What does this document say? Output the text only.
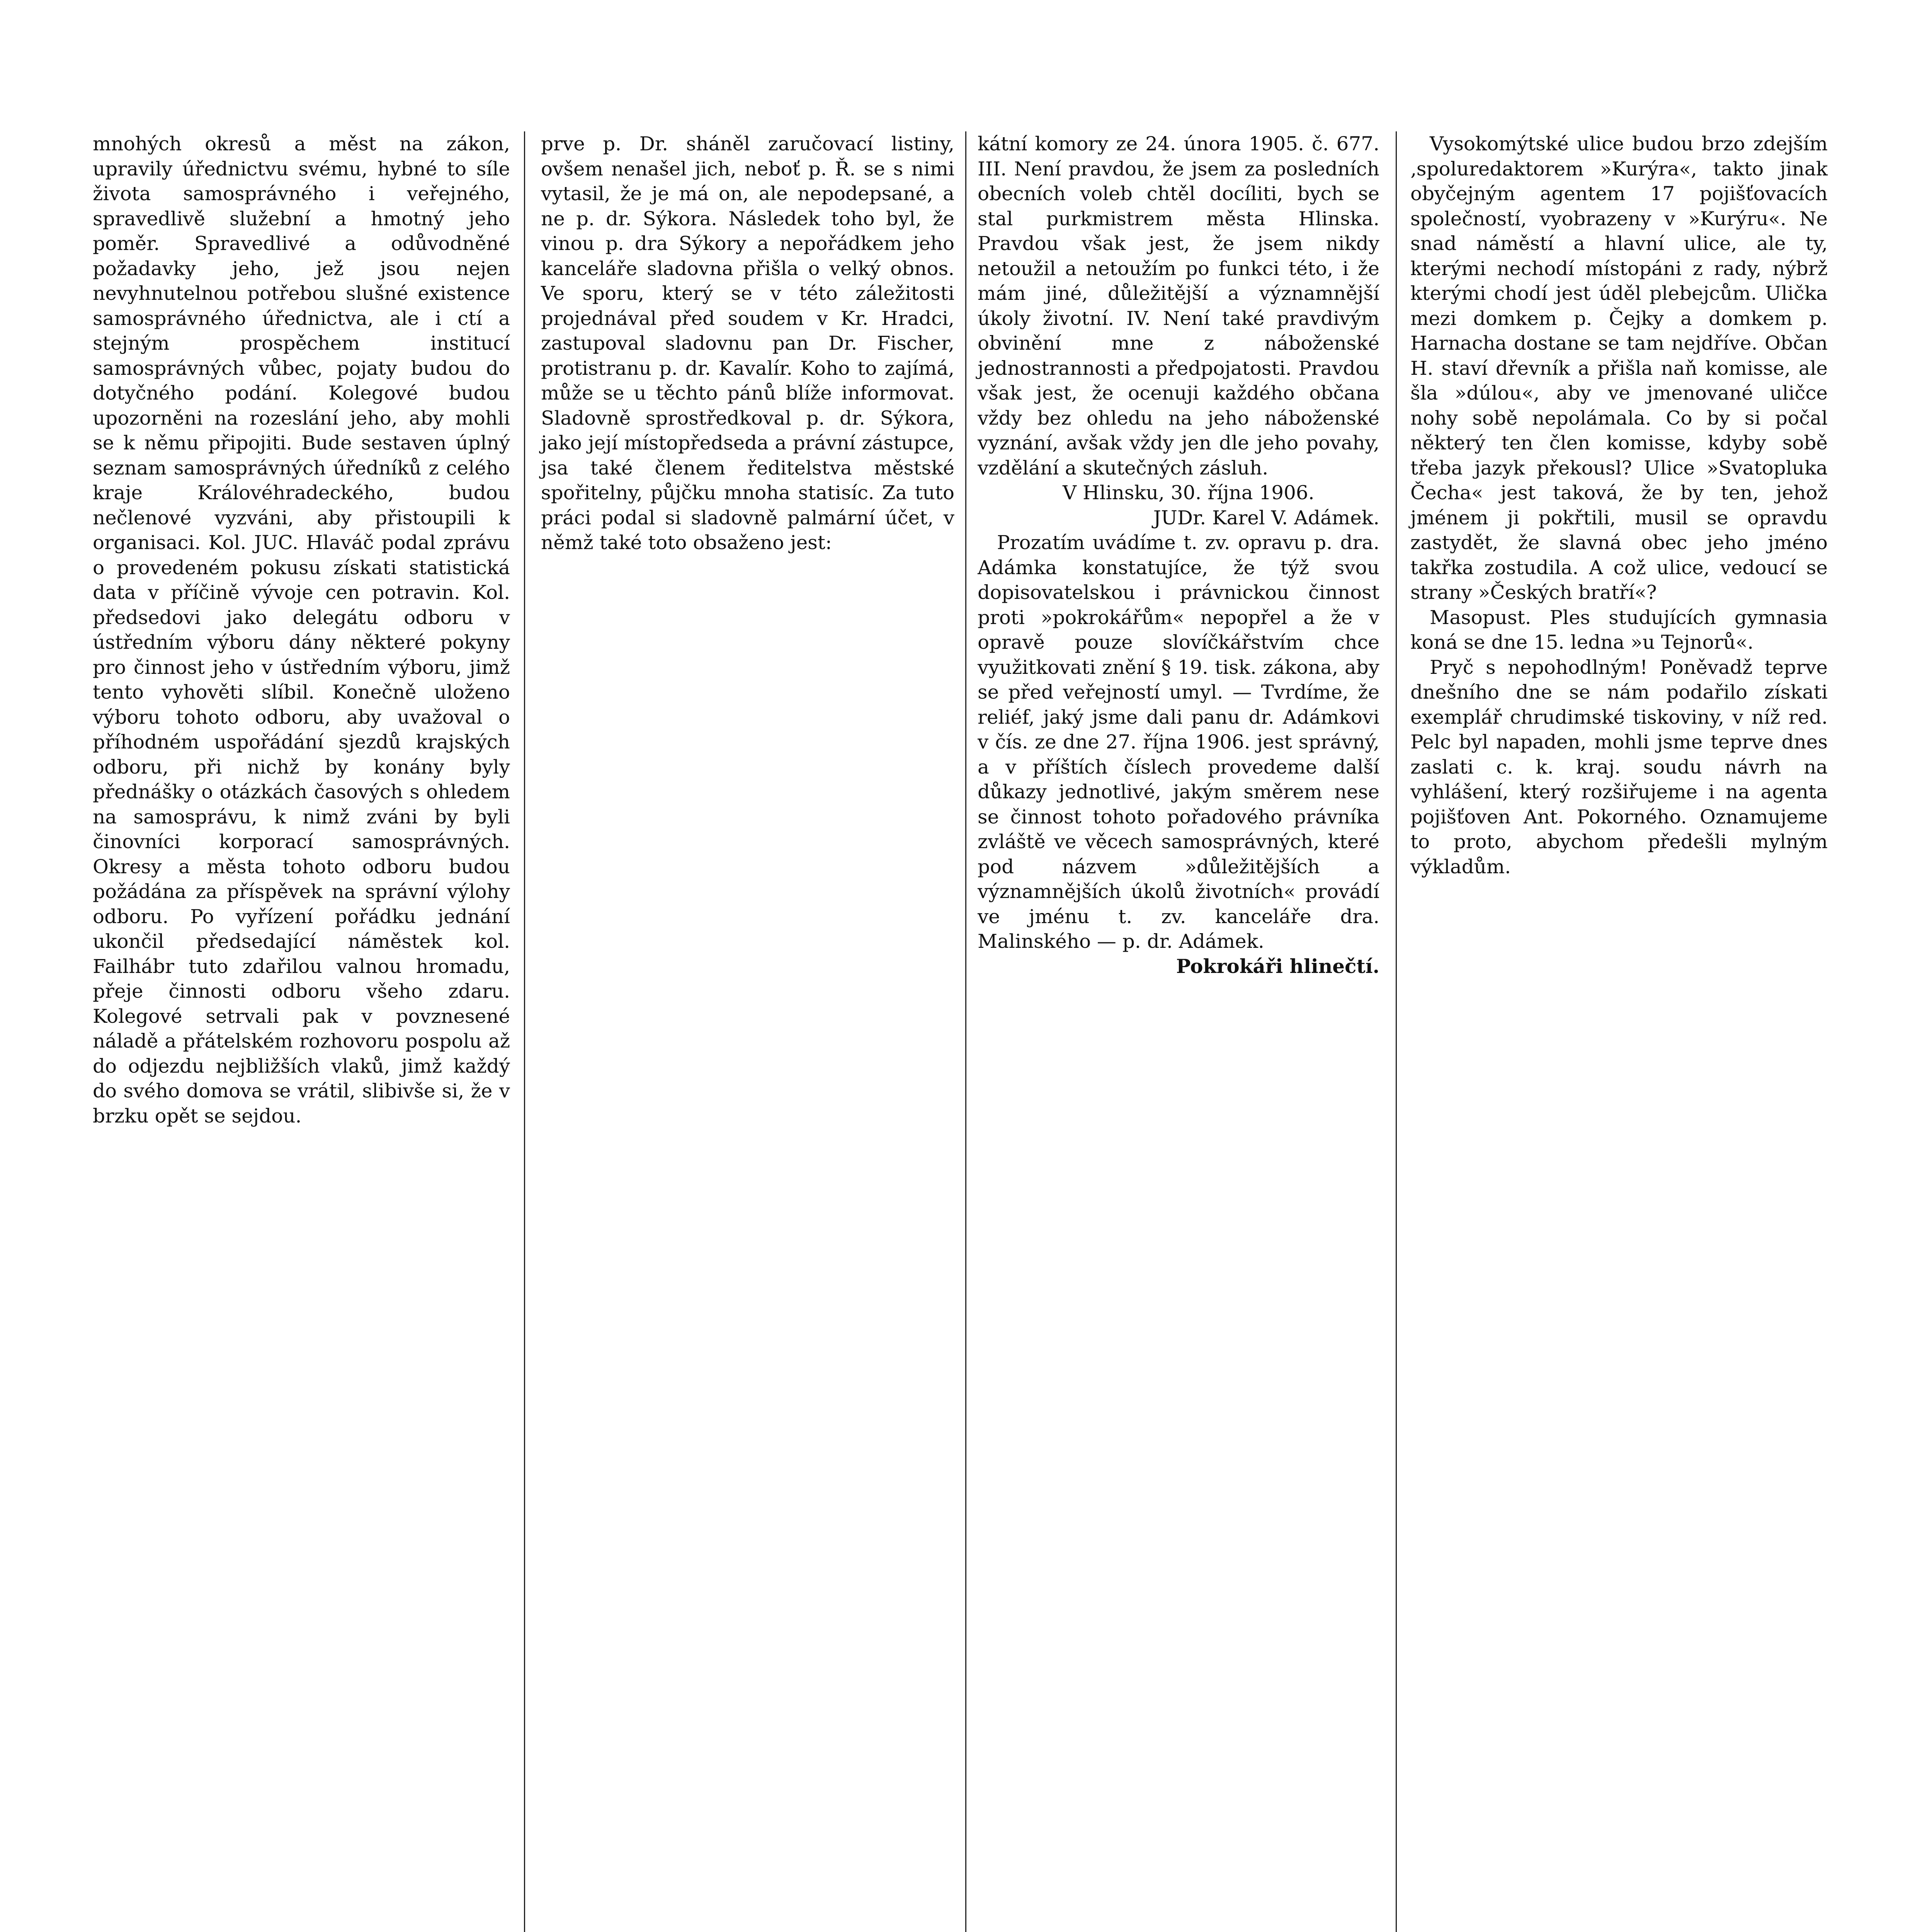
mnohých okresů a měst na zákon, upravily úřednictvu svému, hybné to síle života samosprávného i veřejného, spravedlivě služební a hmotný jeho poměr. Spravedlivé a odůvodněné požadavky jeho, jež jsou nejen nevyhnutelnou potřebou slušné existence samosprávného úřednictva, ale i ctí a stejným prospěchem institucí samosprávných vůbec, pojaty budou do dotyčného podání. Kolegové budou upozorněni na rozeslání jeho, aby mohli se k němu připojiti. Bude sestaven úplný seznam samosprávných úředníků z celého kraje Královéhradeckého, budou nečlenové vyzváni, aby přistoupili k organisaci. Kol. JUC. Hlaváč podal zprávu o provedeném pokusu získati statistická data v příčině vývoje cen potravin. Kol. předsedovi jako delegátu odboru v ústředním výboru dány některé pokyny pro činnost jeho v ústředním výboru, jimž tento vyhověti slíbil. Konečně uloženo výboru tohoto odboru, aby uvažoval o příhodném uspořádání sjezdů krajských odboru, při nichž by konány byly přednášky o otázkách časových s ohledem na samosprávu, k nimž zváni by byli činovníci korporací samosprávných. Okresy a města tohoto odboru budou požádána za příspěvek na správní výlohy odboru. Po vyřízení pořádku jednání ukončil předsedající náměstek kol. Failhábr tuto zdařilou valnou hromadu, přeje činnosti odboru všeho zdaru. Kolegové setrvali pak v povznesené náladě a přátelském rozhovoru pospolu až do odjezdu nejbližších vlaků, jimž každý do svého domova se vrátil, slibivše si, že v brzku opět se sejdou.

prve p. Dr. sháněl zaručovací listiny, ovšem nenašel jich, neboť p. Ř. se s nimi vytasil, že je má on, ale nepodepsané, a ne p. dr. Sýkora. Následek toho byl, že vinou p. dra Sýkory a nepořádkem jeho kanceláře sladovna přišla o velký obnos. Ve sporu, který se v této záležitosti projednával před soudem v Kr. Hradci, zastupoval sladovnu pan Dr. Fischer, protistranu p. dr. Kavalír. Koho to zajímá, může se u těchto pánů blíže informovat. Sladovně sprostředkoval p. dr. Sýkora, jako její místopředseda a právní zástupce, jsa také členem ředitelstva městské spořitelny, půjčku mnoha statisíc. Za tuto práci podal si sladovně palmární účet, v němž také toto obsaženo jest:

kátní komory ze 24. února 1905. č. 677. III. Není pravdou, že jsem za posledních obecních voleb chtěl docíliti, bych se stal purkmistrem města Hlinska. Pravdou však jest, že jsem nikdy netoužil a netoužím po funkci této, i že mám jiné, důležitější a významnější úkoly životní. IV. Není také pravdivým obvinění mne z náboženské jednostrannosti a předpojatosti. Pravdou však jest, že ocenuji každého občana vždy bez ohledu na jeho náboženské vyznání, avšak vždy jen dle jeho povahy, vzdělání a skutečných zásluh.

V Hlinsku, 30. října 1906.

JUDr. Karel V. Adámek.

Prozatím uvádíme t. zv. opravu p. dra. Adámka konstatujíce, že týž svou dopisovatelskou i právnickou činnost proti »pokrokářům« nepopřel a že v opravě pouze slovíčkářstvím chce využitkovati znění § 19. tisk. zákona, aby se před veřejností umyl. — Tvrdíme, že reliéf, jaký jsme dali panu dr. Adámkovi v čís. ze dne 27. října 1906. jest správný, a v příštích číslech provedeme další důkazy jednotlivé, jakým směrem nese se činnost tohoto pořadového právníka zvláště ve věcech samosprávných, které pod názvem »důležitějších a významnějších úkolů životních« provádí ve jménu t. zv. kanceláře dra. Malinského — p. dr. Adámek.

Pokrokáři hlinečtí.

Vysokomýtské ulice budou brzo zdejším ‚spoluredaktorem »Kurýra«, takto jinak obyčejným agentem 17 pojišťovacích společností, vyobrazeny v »Kurýru«. Ne snad náměstí a hlavní ulice, ale ty, kterými nechodí místopáni z rady, nýbrž kterými chodí jest úděl plebejcům. Ulička mezi domkem p. Čejky a domkem p. Harnacha dostane se tam nejdříve. Občan H. staví dřevník a přišla naň komisse, ale šla »dúlou«, aby ve jmenované uličce nohy sobě nepolámala. Co by si počal některý ten člen komisse, kdyby sobě třeba jazyk překousl? Ulice »Svatopluka Čecha« jest taková, že by ten, jehož jménem ji pokřtili, musil se opravdu zastydět, že slavná obec jeho jméno takřka zostudila. A což ulice, vedoucí se strany »Českých bratří«?

Masopust. Ples studujících gymnasia koná se dne 15. ledna »u Tejnorů«.

Pryč s nepohodlným! Poněvadž teprve dnešního dne se nám podařilo získati exemplář chrudimské tiskoviny, v níž red. Pelc byl napaden, mohli jsme teprve dnes zaslati c. k. kraj. soudu návrh na vyhlášení, který rozšiřujeme i na agenta pojišťoven Ant. Pokorného. Oznamujeme to proto, abychom předešli mylným výkladům.
